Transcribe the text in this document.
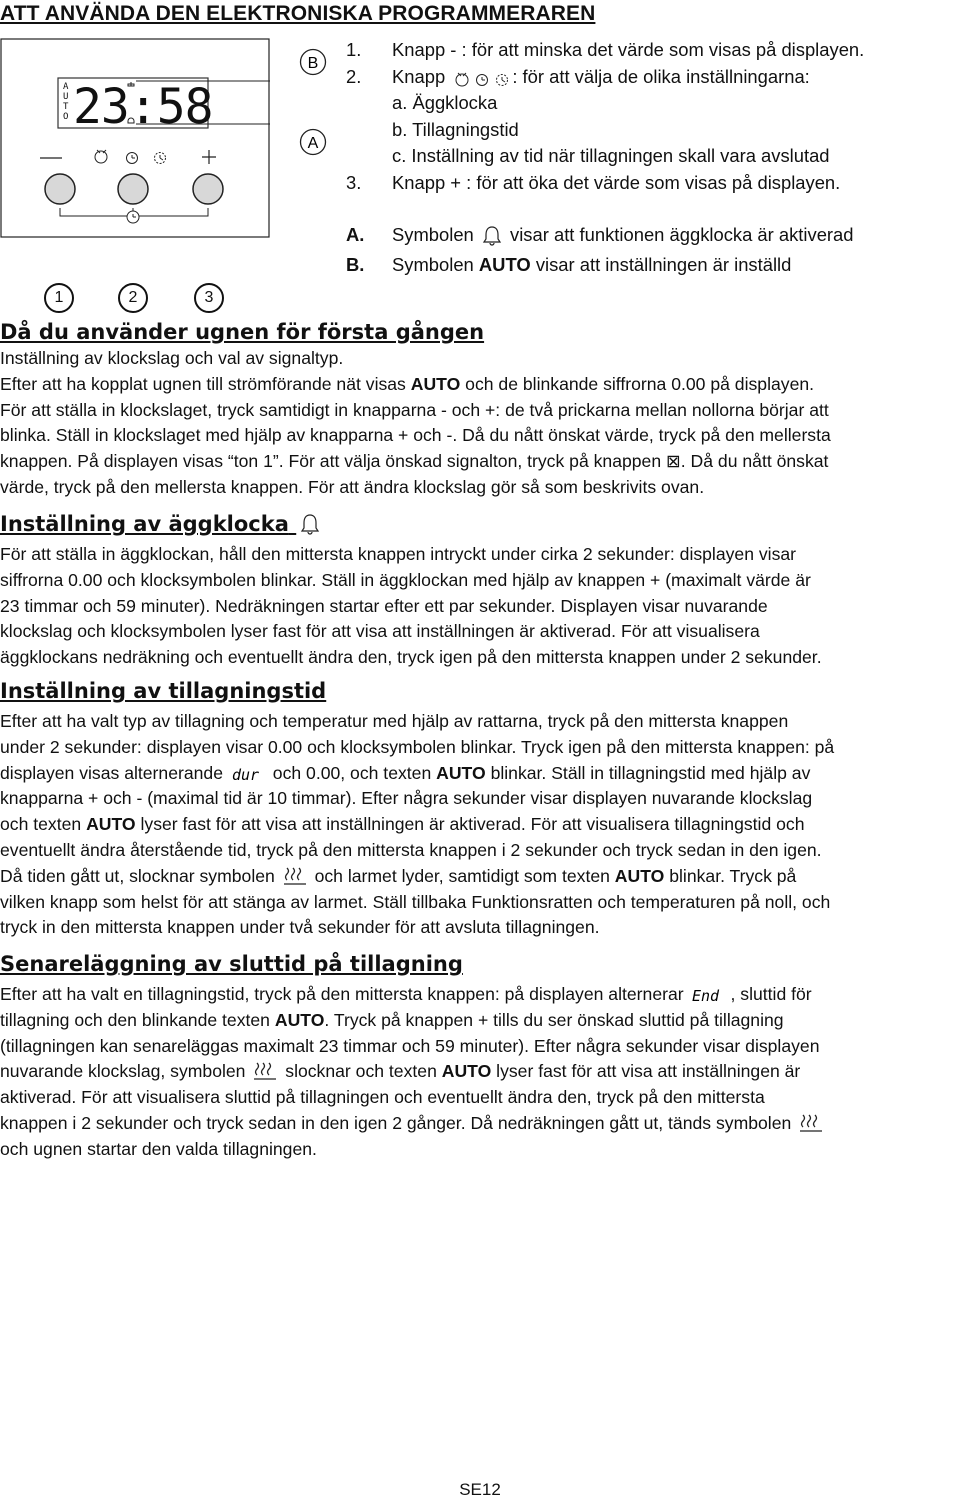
ATT ANVÄNDA DEN ELEKTRONISKA PROGRAMMERAREN
A
U
T
O 23:58
B
A
1	2	3
1. Knapp - : för att minska det värde som visas på displayen.
2. Knapp	: för att välja de olika inställningarna:
a. Äggklocka
b. Tillagningstid
c. Inställning av tid när tillagningen skall vara avslutad
3. Knapp + : för att öka det värde som visas på displayen.
A. Symbolen visar att funktionen äggklocka är aktiverad
B. Symbolen AUTO visar att inställningen är inställd
Då du använder ugnen för första gången
Inställning av klockslag och val av signaltyp.
Efter att ha kopplat ugnen till strömförande nät visas AUTO och de blinkande siffrorna 0.00 på displayen.
För att ställa in klockslaget, tryck samtidigt in knapparna - och +: de två prickarna mellan nollorna börjar att
blinka. Ställ in klockslaget med hjälp av knapparna + och -. Då du nått önskat värde, tryck på den mellersta
knappen. På displayen visas “ton 1”. För att välja önskad signalton, tryck på knappen ⊠. Då du nått önskat
värde, tryck på den mellersta knappen. För att ändra klockslag gör så som beskrivits ovan.
Inställning av äggklocka
För att ställa in äggklockan, håll den mittersta knappen intryckt under cirka 2 sekunder: displayen visar
siffrorna 0.00 och klocksymbolen blinkar. Ställ in äggklockan med hjälp av knappen + (maximalt värde är
23 timmar och 59 minuter). Nedräkningen startar efter ett par sekunder. Displayen visar nuvarande
klockslag och klocksymbolen lyser fast för att visa att inställningen är aktiverad. För att visualisera
äggklockans nedräkning och eventuellt ändra den, tryck igen på den mittersta knappen under 2 sekunder.
Inställning av tillagningstid
Efter att ha valt typ av tillagning och temperatur med hjälp av rattarna, tryck på den mittersta knappen
under 2 sekunder: displayen visar 0.00 och klocksymbolen blinkar. Tryck igen på den mittersta knappen: på
displayen visas alternerande dur och 0.00, och texten AUTO blinkar. Ställ in tillagningstid med hjälp av
knapparna + och - (maximal tid är 10 timmar). Efter några sekunder visar displayen nuvarande klockslag
och texten AUTO lyser fast för att visa att inställningen är aktiverad. För att visualisera tillagningstid och
eventuellt ändra återstående tid, tryck på den mittersta knappen i 2 sekunder och tryck sedan in den igen.
Då tiden gått ut, slocknar symbolen och larmet lyder, samtidigt som texten AUTO blinkar. Tryck på
vilken knapp som helst för att stänga av larmet. Ställ tillbaka Funktionsratten och temperaturen på noll, och
tryck in den mittersta knappen under två sekunder för att avsluta tillagningen.
Senareläggning av sluttid på tillagning
Efter att ha valt en tillagningstid, tryck på den mittersta knappen: på displayen alternerar End , sluttid för
tillagning och den blinkande texten AUTO. Tryck på knappen + tills du ser önskad sluttid på tillagning
(tillagningen kan senareläggas maximalt 23 timmar och 59 minuter). Efter några sekunder visar displayen
nuvarande klockslag, symbolen slocknar och texten AUTO lyser fast för att visa att inställningen är
aktiverad. För att visualisera sluttid på tillagningen och eventuellt ändra den, tryck på den mittersta
knappen i 2 sekunder och tryck sedan in den igen 2 gånger. Då nedräkningen gått ut, tänds symbolen
och ugnen startar den valda tillagningen.
SE12
